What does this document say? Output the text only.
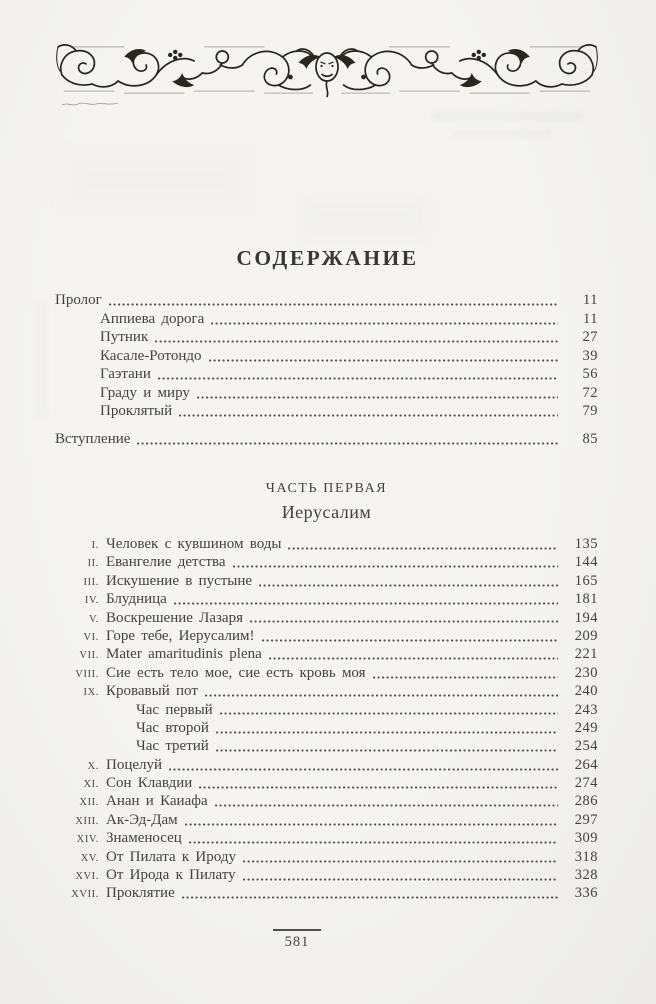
СОДЕРЖАНИЕ
Пролог	11
Аппиева дорога	11
Путник	27
Касале-Ротондо	39
Гаэтани	56
Граду и миру	72
Проклятый	79
Вступление	85
ЧАСТЬ ПЕРВАЯ
Иерусалим
I. Человек с кувшином воды	135
II. Евангелие детства	144
III. Искушение в пустыне	165
IV. Блудница	181
V. Воскрешение Лазаря	194
VI. Горе тебе, Иерусалим!	209
VII. Mater amaritudinis plena	221
VIII. Сие есть тело мое, сие есть кровь моя	230
IX. Кровавый пот	240
Час первый	243
Час второй	249
Час третий	254
X. Поцелуй	264
XI. Сон Клавдии	274
XII. Анан и Каиафа	286
XIII. Ак-Эд-Дам	297
XIV. Знаменосец	309
XV. От Пилата к Ироду	318
XVI. От Ирода к Пилату	328
XVII. Проклятие	336
581
